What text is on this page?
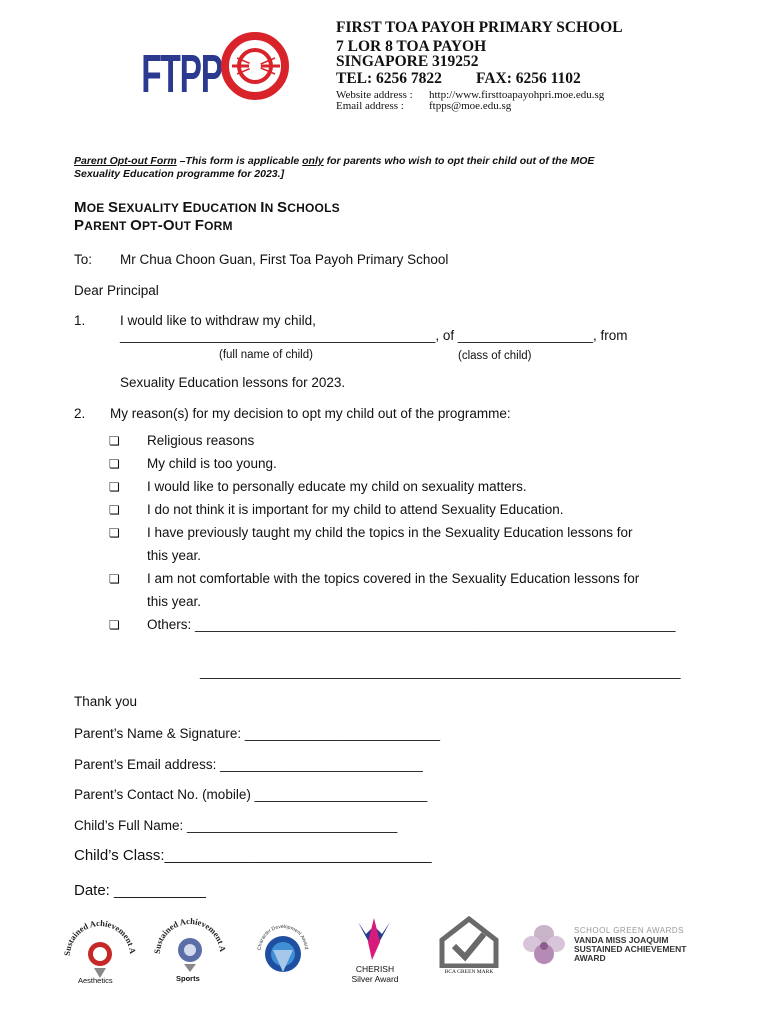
FTPP
FIRST TOA PAYOH PRIMARY SCHOOL
7 LOR 8 TOA PAYOH
SINGAPORE 319252
TEL: 6256 7822 FAX: 6256 1102
Website address : http://www.firsttoapayohpri.moe.edu.sg
Email address : ftpps@moe.edu.sg
Parent Opt-out Form –This form is applicable only for parents who wish to opt their child out of the MOE
Sexuality Education programme for 2023.]
MOE SEXUALITY EDUCATION IN SCHOOLS
PARENT OPT-OUT FORM
To: Mr Chua Choon Guan, First Toa Payoh Primary School
Dear Principal
1.	I would like to withdraw my child,
__________________________________________, of __________________, from
(full name of child)	(class of child)
Sexuality Education lessons for 2023.
2. My reason(s) for my decision to opt my child out of the programme:
❏ Religious reasons
❏ My child is too young.
❏ I would like to personally educate my child on sexuality matters.
❏ I do not think it is important for my child to attend Sexuality Education.
❏ I have previously taught my child the topics in the Sexuality Education lessons for
this year.
❏ I am not comfortable with the topics covered in the Sexuality Education lessons for
this year.
❏ Others: ________________________________________________________________
________________________________________________________________
Thank you
Parent’s Name & Signature: __________________________
Parent’s Email address: ___________________________
Parent’s Contact No. (mobile) _______________________
Child’s Full Name: ____________________________
Child’s Class:________________________________
Date: ___________
Sustained Achievement A
Aesthetics
Sustained Achievement A
Sports
Character Development Award
CHERISH
Silver Award
BCA GREEN MARK
SCHOOL GREEN AWARDS
VANDA MISS JOAQUIM
SUSTAINED ACHIEVEMENT
AWARD
